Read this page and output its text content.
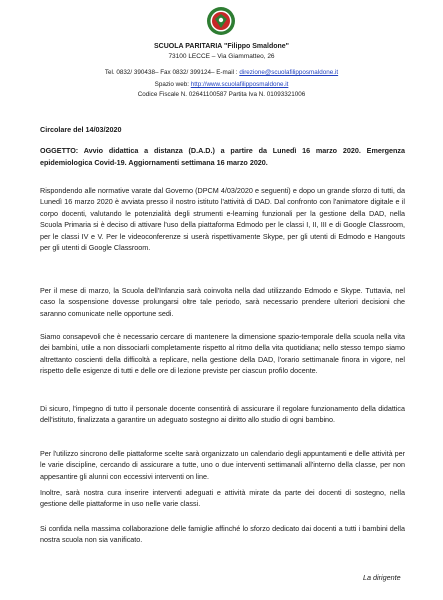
SCUOLA PARITARIA "Filippo Smaldone"
73100 LECCE – Via Giammatteo, 26
Tel. 0832/ 390438– Fax 0832/ 399124– E-mail : direzione@scuolafilipposmaldone.it
Spazio web: http://www.scuolafilipposmaldone.it
Codice Fiscale N. 02641100587 Partita Iva N. 01093321006
Circolare del 14/03/2020
OGGETTO: Avvio didattica a distanza (D.A.D.) a partire da Lunedì 16 marzo 2020. Emergenza epidemiologica Covid-19. Aggiornamenti settimana 16 marzo 2020.
Rispondendo alle normative varate dal Governo (DPCM 4/03/2020 e seguenti) e dopo un grande sforzo di tutti, da Lunedì 16 marzo 2020 è avviata presso il nostro istituto l'attività di DAD. Dal confronto con l'animatore digitale e il corpo docenti, valutando le potenzialità degli strumenti e-learning funzionali per la gestione della DAD, nella Scuola Primaria si è deciso di attivare l'uso della piattaforma Edmodo per le classi I, II, III e di Google Classroom, per le classi IV e V. Per le videoconferenze si userà rispettivamente Skype, per gli utenti di Edmodo e Hangouts per gli utenti di Google Classroom.
Per il mese di marzo, la Scuola dell'Infanzia sarà coinvolta nella dad utilizzando Edmodo e Skype. Tuttavia, nel caso la sospensione dovesse prolungarsi oltre tale periodo, sarà necessario prendere ulteriori decisioni che saranno comunicate nelle opportune sedi.
Siamo consapevoli che è necessario cercare di mantenere la dimensione spazio-temporale della scuola nella vita dei bambini, utile a non dissociarli completamente rispetto al ritmo della vita quotidiana; nello stesso tempo siamo altrettanto coscienti della difficoltà a replicare, nella gestione della DAD, l'orario settimanale finora in vigore, nel rispetto delle esigenze di tutti e delle ore di lezione previste per ciascun profilo docente.
Di sicuro, l'impegno di tutto il personale docente consentirà di assicurare il regolare funzionamento della didattica dell'istituto, finalizzata a garantire un adeguato sostegno ai diritto allo studio di ogni bambino.
Per l'utilizzo sincrono delle piattaforme scelte sarà organizzato un calendario degli appuntamenti e delle attività per le varie discipline, cercando di assicurare a tutte, uno o due interventi settimanali all'interno della classe, per non appesantire gli alunni con eccessivi interventi on line.
Inoltre, sarà nostra cura inserire interventi adeguati e attività mirate da parte dei docenti di sostegno, nella gestione delle piattaforme in uso nelle varie classi.
Si confida nella massima collaborazione delle famiglie affinché lo sforzo dedicato dai docenti a tutti i bambini della nostra scuola non sia vanificato.
La dirigente
